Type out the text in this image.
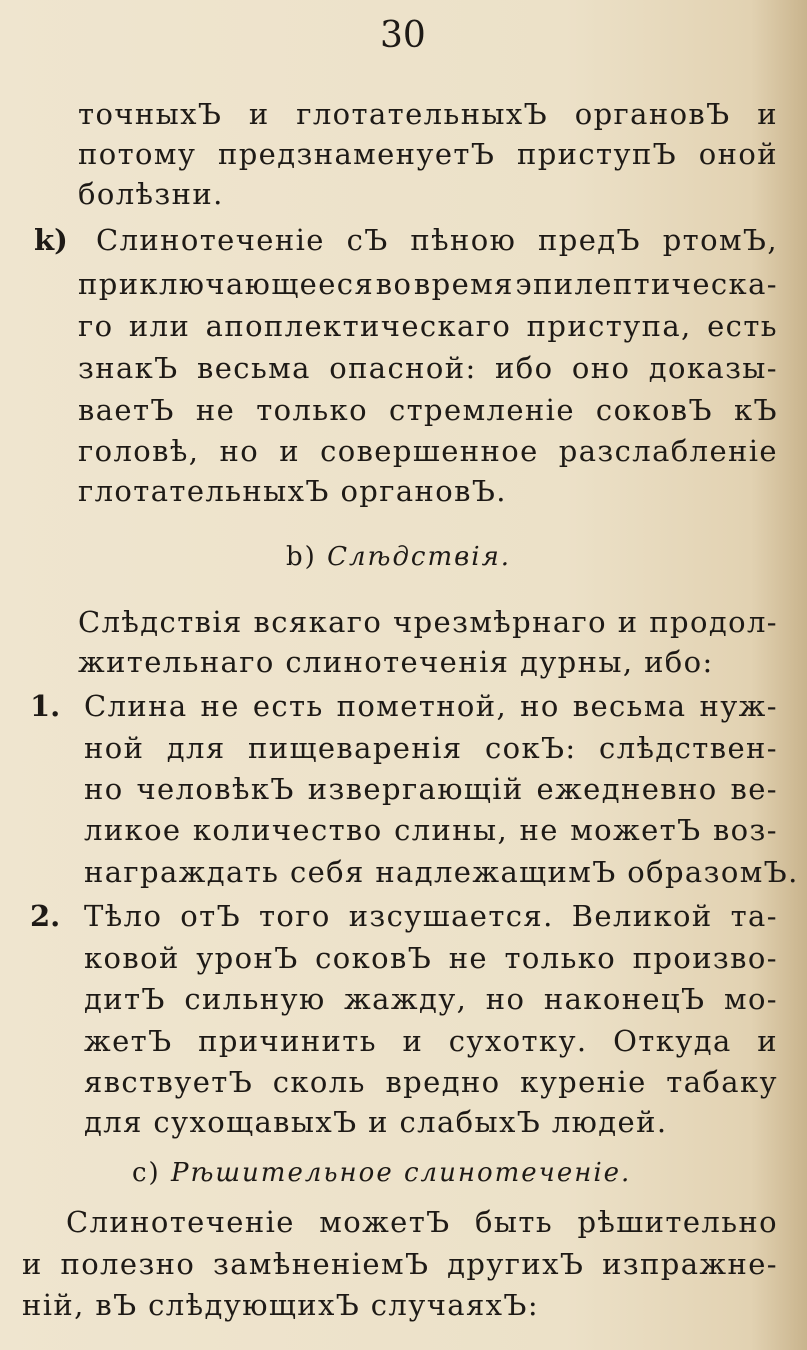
30
точныхЪ и глотательныхЪ органовЪ и
потому предзнаменуетЪ приступЪ оной
болѣзни.
k) Слинотеченіе сЪ пѣною предЪ ртомЪ,
приключающееся во время эпилептическа-
го или апоплектическаго приступа, есть
знакЪ весьма опасной: ибо оно доказы-
ваетЪ не только стремленіе соковЪ кЪ
головѣ, но и совершенное разслабленіе
глотательныхЪ органовЪ.
b) Слѣдствія.
Слѣдствія всякаго чрезмѣрнаго и продол-
жительнаго слинотеченія дурны, ибо:
1. Слина не есть пометной, но весьма нуж-
ной для пищеваренія сокЪ: слѣдствен-
но человѣкЪ извергающій ежедневно ве-
ликое количество слины, не можетЪ воз-
награждать себя надлежащимЪ образомЪ.
2. Тѣло отЪ того изсушается. Великой та-
ковой уронЪ соковЪ не только произво-
дитЪ сильную жажду, но наконецЪ мо-
жетЪ причинить и сухотку. Откуда и
явствуетЪ сколь вредно куреніе табаку
для сухощавыхЪ и слабыхЪ людей.
c) Рѣшительное слинотеченіе.
Слинотеченіе можетЪ быть рѣшительно
и полезно замѣненіемЪ другихЪ изпражне-
ній, вЪ слѣдующихЪ случаяхЪ:
